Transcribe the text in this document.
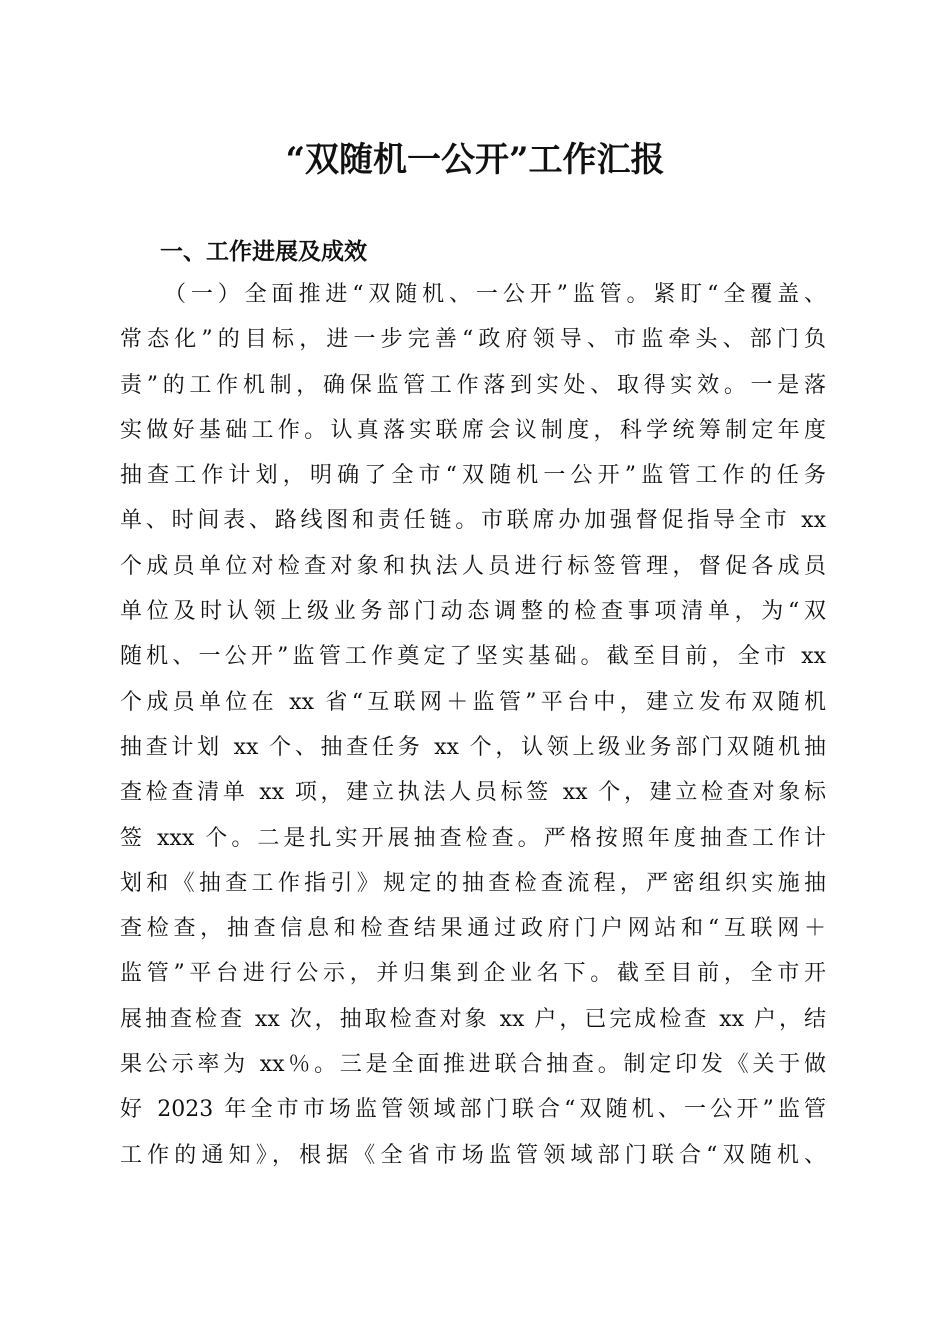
“双随机一公开”工作汇报
一、工作进展及成效
（一）全面推进“双随机、一公开”监管。紧盯“全覆盖、
常态化”的目标，进一步完善“政府领导、市监牵头、部门负
责”的工作机制，确保监管工作落到实处、取得实效。一是落
实做好基础工作。认真落实联席会议制度，科学统筹制定年度
抽查工作计划，明确了全市“双随机一公开”监管工作的任务
单、时间表、路线图和责任链。市联席办加强督促指导全市 xx
个成员单位对检查对象和执法人员进行标签管理，督促各成员
单位及时认领上级业务部门动态调整的检查事项清单，为“双
随机、一公开”监管工作奠定了坚实基础。截至目前，全市 xx
个成员单位在 xx 省“互联网＋监管”平台中，建立发布双随机
抽查计划 xx 个、抽查任务 xx 个，认领上级业务部门双随机抽
查检查清单 xx 项，建立执法人员标签 xx 个，建立检查对象标
签 xxx 个。二是扎实开展抽查检查。严格按照年度抽查工作计
划和《抽查工作指引》规定的抽查检查流程，严密组织实施抽
查检查，抽查信息和检查结果通过政府门户网站和“互联网＋
监管”平台进行公示，并归集到企业名下。截至目前，全市开
展抽查检查 xx 次，抽取检查对象 xx 户，已完成检查 xx 户，结
果公示率为 xx％。三是全面推进联合抽查。制定印发《关于做
好 2023 年全市市场监管领域部门联合“双随机、一公开”监管
工作的通知》，根据《全省市场监管领域部门联合“双随机、
